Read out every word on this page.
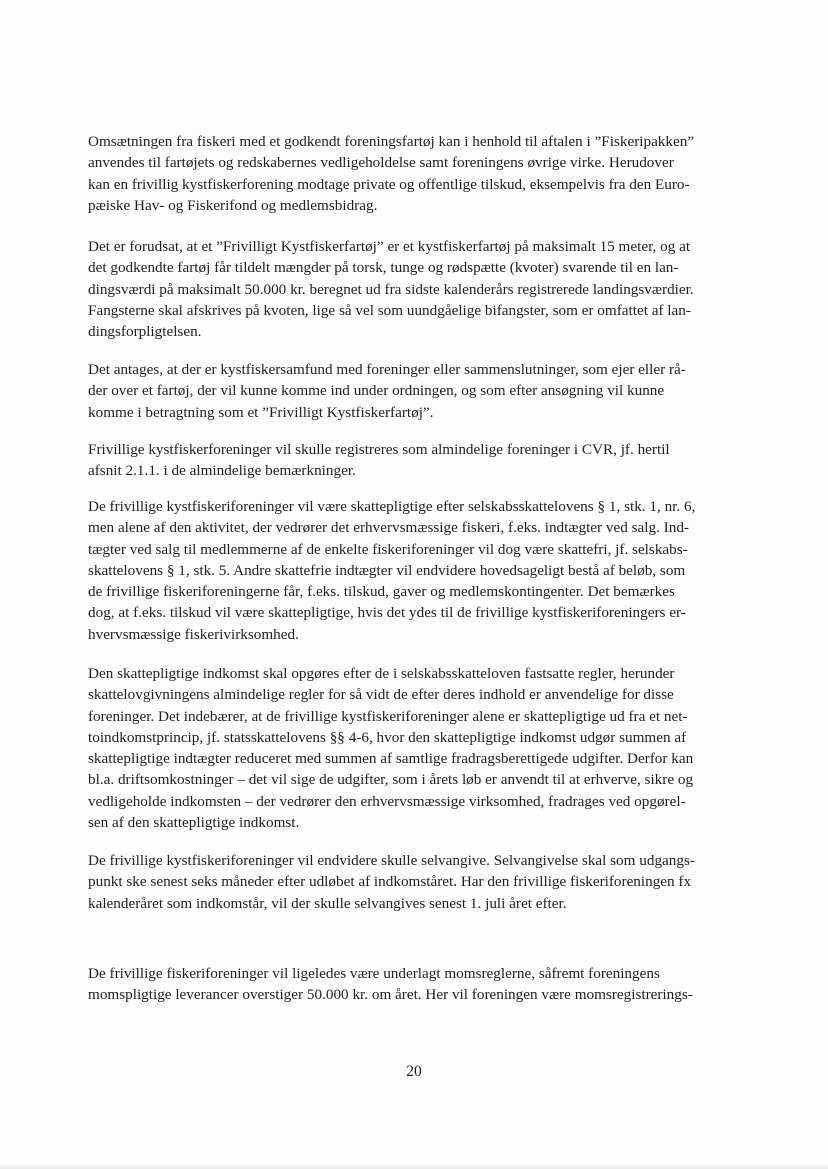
Omsætningen fra fiskeri med et godkendt foreningsfartøj kan i henhold til aftalen i ”Fiskeripakken”
anvendes til fartøjets og redskabernes vedligeholdelse samt foreningens øvrige virke. Herudover
kan en frivillig kystfiskerforening modtage private og offentlige tilskud, eksempelvis fra den Euro-
pæiske Hav- og Fiskerifond og medlemsbidrag.
Det er forudsat, at et ”Frivilligt Kystfiskerfartøj” er et kystfiskerfartøj på maksimalt 15 meter, og at
det godkendte fartøj får tildelt mængder på torsk, tunge og rødspætte (kvoter) svarende til en lan-
dingsværdi på maksimalt 50.000 kr. beregnet ud fra sidste kalenderårs registrerede landingsværdier.
Fangsterne skal afskrives på kvoten, lige så vel som uundgåelige bifangster, som er omfattet af lan-
dingsforpligtelsen.
Det antages, at der er kystfiskersamfund med foreninger eller sammenslutninger, som ejer eller rå-
der over et fartøj, der vil kunne komme ind under ordningen, og som efter ansøgning vil kunne
komme i betragtning som et ”Frivilligt Kystfiskerfartøj”.
Frivillige kystfiskerforeninger vil skulle registreres som almindelige foreninger i CVR, jf. hertil
afsnit 2.1.1. i de almindelige bemærkninger.
De frivillige kystfiskeriforeninger vil være skattepligtige efter selskabsskattelovens § 1, stk. 1, nr. 6,
men alene af den aktivitet, der vedrører det erhvervsmæssige fiskeri, f.eks. indtægter ved salg. Ind-
tægter ved salg til medlemmerne af de enkelte fiskeriforeninger vil dog være skattefri, jf. selskabs-
skattelovens § 1, stk. 5. Andre skattefrie indtægter vil endvidere hovedsageligt bestå af beløb, som
de frivillige fiskeriforeningerne får, f.eks. tilskud, gaver og medlemskontingenter. Det bemærkes
dog, at f.eks. tilskud vil være skattepligtige, hvis det ydes til de frivillige kystfiskeriforeningers er-
hvervsmæssige fiskerivirksomhed.
Den skattepligtige indkomst skal opgøres efter de i selskabsskatteloven fastsatte regler, herunder
skattelovgivningens almindelige regler for så vidt de efter deres indhold er anvendelige for disse
foreninger. Det indebærer, at de frivillige kystfiskeriforeninger alene er skattepligtige ud fra et net-
toindkomstprincip, jf. statsskattelovens §§ 4-6, hvor den skattepligtige indkomst udgør summen af
skattepligtige indtægter reduceret med summen af samtlige fradragsberettigede udgifter. Derfor kan
bl.a. driftsomkostninger – det vil sige de udgifter, som i årets løb er anvendt til at erhverve, sikre og
vedligeholde indkomsten – der vedrører den erhvervsmæssige virksomhed, fradrages ved opgørel-
sen af den skattepligtige indkomst.
De frivillige kystfiskeriforeninger vil endvidere skulle selvangive. Selvangivelse skal som udgangs-
punkt ske senest seks måneder efter udløbet af indkomståret. Har den frivillige fiskeriforeningen fx
kalenderåret som indkomstår, vil der skulle selvangives senest 1. juli året efter.
De frivillige fiskeriforeninger vil ligeledes være underlagt momsreglerne, såfremt foreningens
momspligtige leverancer overstiger 50.000 kr. om året. Her vil foreningen være momsregistrerings-
20
